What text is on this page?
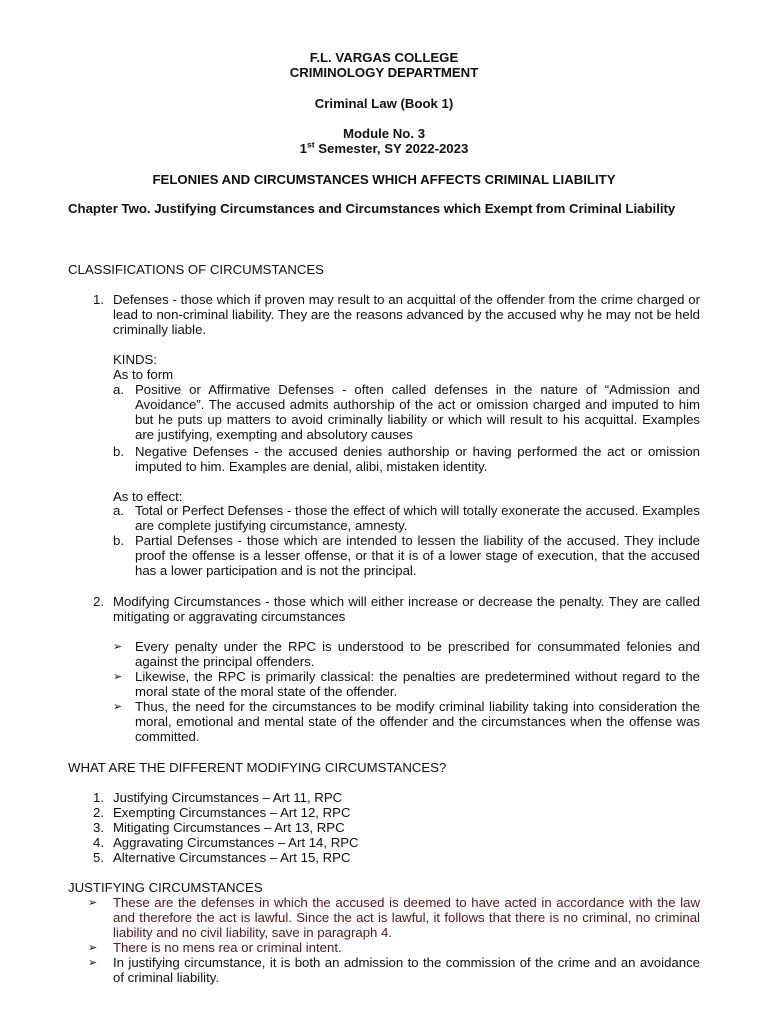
F.L. VARGAS COLLEGE
CRIMINOLOGY DEPARTMENT
Criminal Law (Book 1)
Module No. 3
1st Semester, SY 2022-2023
FELONIES AND CIRCUMSTANCES WHICH AFFECTS CRIMINAL LIABILITY
Chapter Two. Justifying Circumstances and Circumstances which Exempt from Criminal Liability
CLASSIFICATIONS OF CIRCUMSTANCES
1. Defenses - those which if proven may result to an acquittal of the offender from the crime charged or lead to non-criminal liability. They are the reasons advanced by the accused why he may not be held criminally liable.
KINDS:
As to form
a. Positive or Affirmative Defenses - often called defenses in the nature of “Admission and Avoidance”. The accused admits authorship of the act or omission charged and imputed to him but he puts up matters to avoid criminally liability or which will result to his acquittal. Examples are justifying, exempting and absolutory causes
b. Negative Defenses - the accused denies authorship or having performed the act or omission imputed to him. Examples are denial, alibi, mistaken identity.
As to effect:
a. Total or Perfect Defenses - those the effect of which will totally exonerate the accused. Examples are complete justifying circumstance, amnesty.
b. Partial Defenses - those which are intended to lessen the liability of the accused. They include proof the offense is a lesser offense, or that it is of a lower stage of execution, that the accused has a lower participation and is not the principal.
2. Modifying Circumstances - those which will either increase or decrease the penalty. They are called mitigating or aggravating circumstances
➢ Every penalty under the RPC is understood to be prescribed for consummated felonies and against the principal offenders.
➢ Likewise, the RPC is primarily classical: the penalties are predetermined without regard to the moral state of the moral state of the offender.
➢ Thus, the need for the circumstances to be modify criminal liability taking into consideration the moral, emotional and mental state of the offender and the circumstances when the offense was committed.
WHAT ARE THE DIFFERENT MODIFYING CIRCUMSTANCES?
1. Justifying Circumstances – Art 11, RPC
2. Exempting Circumstances – Art 12, RPC
3. Mitigating Circumstances – Art 13, RPC
4. Aggravating Circumstances – Art 14, RPC
5. Alternative Circumstances – Art 15, RPC
JUSTIFYING CIRCUMSTANCES
➢	These are the defenses in which the accused is deemed to have acted in accordance with the law and therefore the act is lawful. Since the act is lawful, it follows that there is no criminal, no criminal liability and no civil liability, save in paragraph 4.
➢	There is no mens rea or criminal intent.
➢	In justifying circumstance, it is both an admission to the commission of the crime and an avoidance of criminal liability.
